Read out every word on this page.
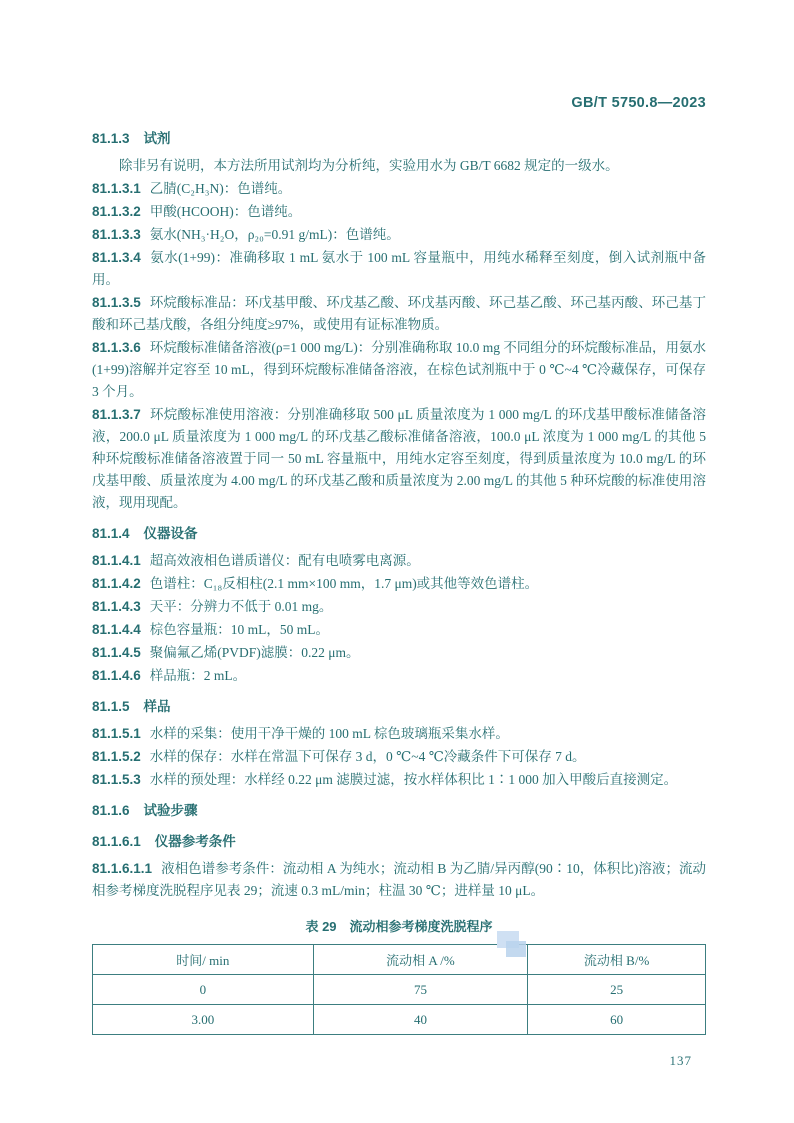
GB/T 5750.8—2023

81.1.3 试剂

除非另有说明，本方法所用试剂均为分析纯，实验用水为 GB/T 6682 规定的一级水。

81.1.3.1 乙腈(C₂H₃N)：色谱纯。

81.1.3.2 甲酸(HCOOH)：色谱纯。

81.1.3.3 氨水(NH₃·H₂O，ρ₂₀=0.91 g/mL)：色谱纯。

81.1.3.4 氨水(1+99)：准确移取 1 mL 氨水于 100 mL 容量瓶中，用纯水稀释至刻度，倒入试剂瓶中备用。

81.1.3.5 环烷酸标准品：环戊基甲酸、环戊基乙酸、环戊基丙酸、环己基乙酸、环己基丙酸、环己基丁酸和环己基戊酸，各组分纯度≥97%，或使用有证标准物质。

81.1.3.6 环烷酸标准储备溶液(ρ=1 000 mg/L)：分别准确称取 10.0 mg 不同组分的环烷酸标准品，用氨水(1+99)溶解并定容至 10 mL，得到环烷酸标准储备溶液，在棕色试剂瓶中于 0 ℃~4 ℃冷藏保存，可保存 3 个月。

81.1.3.7 环烷酸标准使用溶液：分别准确移取 500 μL 质量浓度为 1 000 mg/L 的环戊基甲酸标准储备溶液，200.0 μL 质量浓度为 1 000 mg/L 的环戊基乙酸标准储备溶液，100.0 μL 浓度为 1 000 mg/L 的其他 5 种环烷酸标准储备溶液置于同一 50 mL 容量瓶中，用纯水定容至刻度，得到质量浓度为 10.0 mg/L 的环戊基甲酸、质量浓度为 4.00 mg/L 的环戊基乙酸和质量浓度为 2.00 mg/L 的其他 5 种环烷酸的标准使用溶液，现用现配。

81.1.4 仪器设备

81.1.4.1 超高效液相色谱质谱仪：配有电喷雾电离源。

81.1.4.2 色谱柱：C₁₈反相柱(2.1 mm×100 mm，1.7 μm)或其他等效色谱柱。

81.1.4.3 天平：分辨力不低于 0.01 mg。

81.1.4.4 棕色容量瓶：10 mL，50 mL。

81.1.4.5 聚偏氟乙烯(PVDF)滤膜：0.22 μm。

81.1.4.6 样品瓶：2 mL。

81.1.5 样品

81.1.5.1 水样的采集：使用干净干燥的 100 mL 棕色玻璃瓶采集水样。

81.1.5.2 水样的保存：水样在常温下可保存 3 d，0 ℃~4 ℃冷藏条件下可保存 7 d。

81.1.5.3 水样的预处理：水样经 0.22 μm 滤膜过滤，按水样体积比 1∶1 000 加入甲酸后直接测定。

81.1.6 试验步骤

81.1.6.1 仪器参考条件

81.1.6.1.1 液相色谱参考条件：流动相 A 为纯水；流动相 B 为乙腈/异丙醇(90∶10，体积比)溶液；流动相参考梯度洗脱程序见表 29；流速 0.3 mL/min；柱温 30 ℃；进样量 10 μL。

表 29 流动相参考梯度洗脱程序
时间/ min	流动相 A /%	流动相 B/%
0	75	25
3.00	40	60
137
